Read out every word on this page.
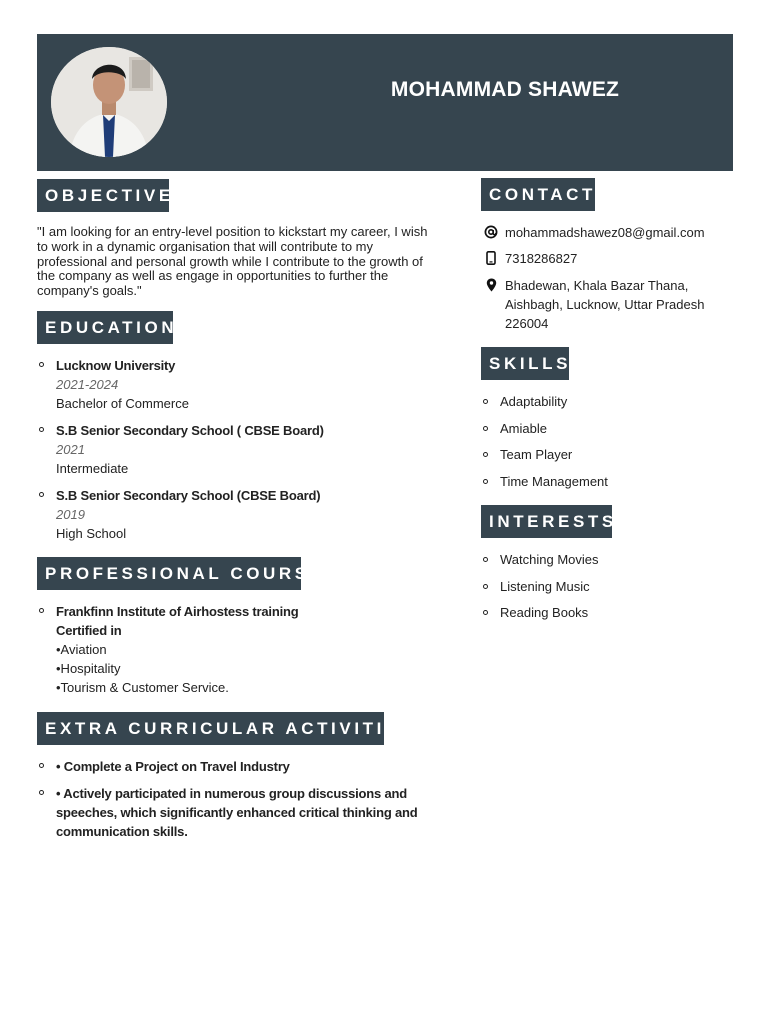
MOHAMMAD SHAWEZ
OBJECTIVE
"I am looking for an entry-level position to kickstart my career, I wish
to work in a dynamic organisation that will contribute to my
professional and personal growth while I contribute to the growth of
the company as well as engage in opportunities to further the
company's goals."
EDUCATION
Lucknow University
2021-2024
Bachelor of Commerce
S.B Senior Secondary School ( CBSE Board)
2021
Intermediate
S.B Senior Secondary School (CBSE Board)
2019
High School
PROFESSIONAL COURSE
Frankfinn Institute of Airhostess training
Certified in
•Aviation
•Hospitality
•Tourism & Customer Service.
EXTRA CURRICULAR ACTIVITIES
• Complete a Project on Travel Industry
• Actively participated in numerous group discussions and
speeches, which significantly enhanced critical thinking and
communication skills.
CONTACT
mohammadshawez08@gmail.com
7318286827
Bhadewan, Khala Bazar Thana,
Aishbagh, Lucknow, Uttar Pradesh
226004
SKILLS
Adaptability
Amiable
Team Player
Time Management
INTERESTS
Watching Movies
Listening Music
Reading Books
